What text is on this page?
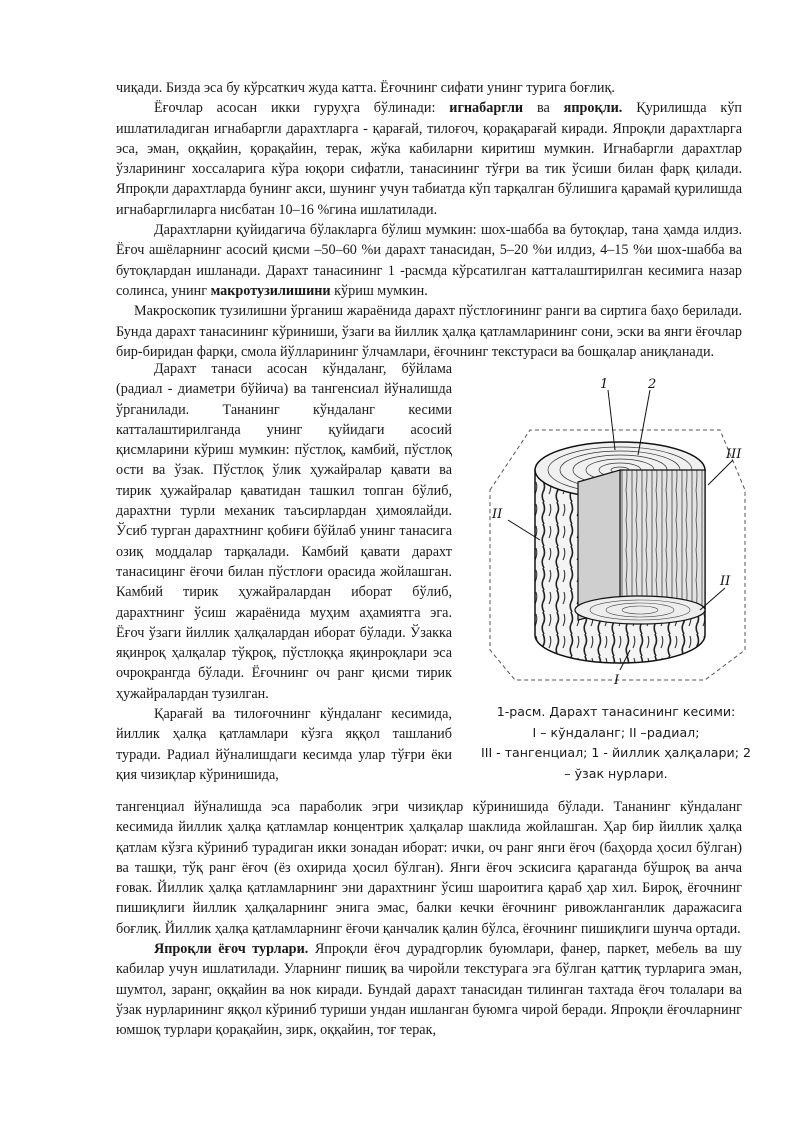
чиқади. Бизда эса бу кўрсаткич жуда катта. Ёғочнинг сифати унинг турига боғлиқ.

Ёғочлар асосан икки гуруҳга бўлинади: игнабаргли ва япроқли. Қурилишда кўп ишлатиладиган игнабаргли дарахтларга - қарағай, тилоғоч, қорақарағай киради. Япроқли дарахтларга эса, эман, оққайин, қорақайин, терак, жўка кабиларни киритиш мумкин. Игнабаргли дарахтлар ўзларининг хоссаларига кўра юқори сифатли, танасининг тўғри ва тик ўсиши билан фарқ қилади. Япроқли дарахтларда бунинг акси, шунинг учун табиатда кўп тарқалган бўлишига қарамай қурилишда игнабарглиларга нисбатан 10–16 %гина ишлатилади.

Дарахтларни қуйидагича бўлакларга бўлиш мумкин: шох-шабба ва бутоқлар, тана ҳамда илдиз. Ёғоч ашёларнинг асосий қисми –50–60 %и дарахт танасидан, 5–20 %и илдиз, 4–15 %и шох-шабба ва бутоқлардан ишланади. Дарахт танасининг 1 -расмда кўрсатилган катталаштирилган кесимига назар солинса, унинг макротузилишини кўриш мумкин.

Макроскопик тузилишни ўрганиш жараёнида дарахт пўстлоғининг ранги ва сиртига баҳо берилади. Бунда дарахт танасининг кўриниши, ўзаги ва йиллик ҳалқа қатламларининг сони, эски ва янги ёғочлар бир-биридан фарқи, смола йўлларининг ўлчамлари, ёғочнинг текстураси ва бошқалар аниқланади.

Дарахт танаси асосан кўндаланг, бўйлама (радиал - диаметри бўйича) ва тангенсиал йўналишда ўрганилади. Тананинг кўндаланг кесими катталаштирилганда унинг қуйидаги асосий қисмларини кўриш мумкин: пўстлоқ, камбий, пўстлоқ ости ва ўзак. Пўстлоқ ўлик ҳужайралар қавати ва тирик ҳужайралар қаватидан ташкил топган бўлиб, дарахтни турли механик таъсирлардан ҳимоялайди. Ўсиб турган дарахтнинг қобиғи бўйлаб унинг танасига озиқ моддалар тарқалади. Камбий қавати дарахт танасицинг ёғочи билан пўстлоғи орасида жойлашган. Камбий тирик ҳужайралардан иборат бўлиб, дарахтнинг ўсиш жараёнида муҳим аҳамиятга эга. Ёғоч ўзаги йиллик ҳалқалардан иборат бўлади. Ўзакка яқинроқ ҳалқалар тўқроқ, пўстлоққа яқинроқлари эса очроқрангда бўлади. Ёғочнинг оч ранг қисми тирик ҳужайралардан тузилган.

Қарағай ва тилоғочнинг кўндаланг кесимида, йиллик ҳалқа қатламлари кўзга яққол ташланиб туради. Радиал йўналишдаги кесимда улар тўғри ёки қия чизиқлар кўринишида,

1	2
III
II
II
I
1-расм. Дарахт танасининг кесими:
I – кўндаланг; II –радиал;
III - тангенциал; 1 - йиллик ҳалқалари; 2
– ўзак нурлари.

тангенциал йўналишда эса параболик эгри чизиқлар кўринишида бўлади. Тананинг кўндаланг кесимида йиллик ҳалқа қатламлар концентрик ҳалқалар шаклида жойлашган. Ҳар бир йиллик ҳалқа қатлам кўзга кўриниб турадиган икки зонадан иборат: ички, оч ранг янги ёғоч (баҳорда ҳосил бўлган) ва ташқи, тўқ ранг ёғоч (ёз охирида ҳосил бўлган). Янги ёғоч эскисига қараганда бўшроқ ва анча ғовак. Йиллик ҳалқа қатламларнинг эни дарахтнинг ўсиш шароитига қараб ҳар хил. Бироқ, ёғочнинг пишиқлиги йиллик ҳалқаларнинг энига эмас, балки кечки ёғочнинг ривожланганлик даражасига боғлиқ. Йиллик ҳалқа қатламларнинг ёғочи қанчалик қалин бўлса, ёғочнинг пишиқлиги шунча ортади.

Япроқли ёғоч турлари. Япроқли ёғоч дурадгорлик буюмлари, фанер, паркет, мебель ва шу кабилар учун ишлатилади. Уларнинг пишиқ ва чиройли текстурага эга бўлган қаттиқ турларига эман, шумтол, заранг, оққайин ва нок киради. Бундай дарахт танасидан тилинган тахтада ёғоч толалари ва ўзак нурларининг яққол кўриниб туриши ундан ишланган буюмга чирой беради. Япроқли ёғочларнинг юмшоқ турлари қорақайин, зирк, оққайин, тоғ терак,
